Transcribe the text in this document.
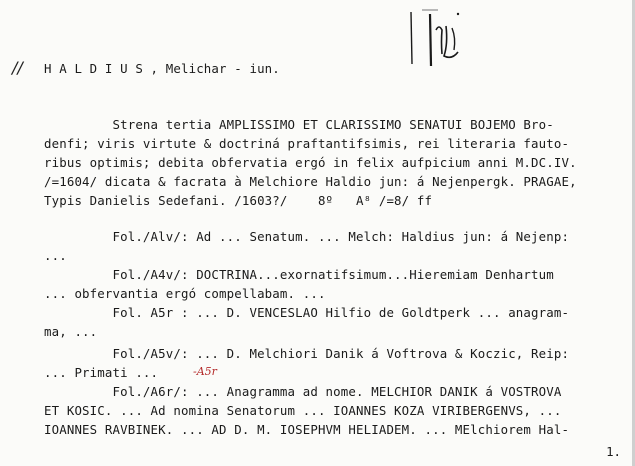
// H A L D I U S , Melichar - iun.
Strena tertia AMPLISSIMO ET CLARISSIMO SENATUI BOJEMO Bro-
denfi; viris virtute & doctriná praftantifsimis, rei literaria fauto-
ribus optimis; debita obfervatia ergó in felix aufpicium anni M.DC.IV.
/=1604/ dicata & facrata à Melchiore Haldio jun: á Nejenpergk. PRAGAE,
Typis Danielis Sedefani. /1603?/    8º   A⁸ /=8/ ff
Fol./Alv/: Ad ... Senatum. ... Melch: Haldius jun: á Nejenp:
...
Fol./A4v/: DOCTRINA...exornatifsimum...Hieremiam Denhartum
... obfervantia ergó compellabam. ...
Fol. A5r : ... D. VENCESLAO Hilfio de Goldtperk ... anagram-
ma, ...
Fol./A5v/: ... D. Melchiori Danik á Voftrova & Koczic, Reip:
... Primati ...
Fol./A6r/: ... Anagramma ad nome. MELCHIOR DANIK á VOSTROVA
ET KOSIC. ... Ad nomina Senatorum ... IOANNES KOZA VIRIBERGENVS, ...
IOANNES RAVBINEK. ... AD D. M. IOSEPHVM HELIADEM. ... MElchiorem Hal-
-A5r
1.
